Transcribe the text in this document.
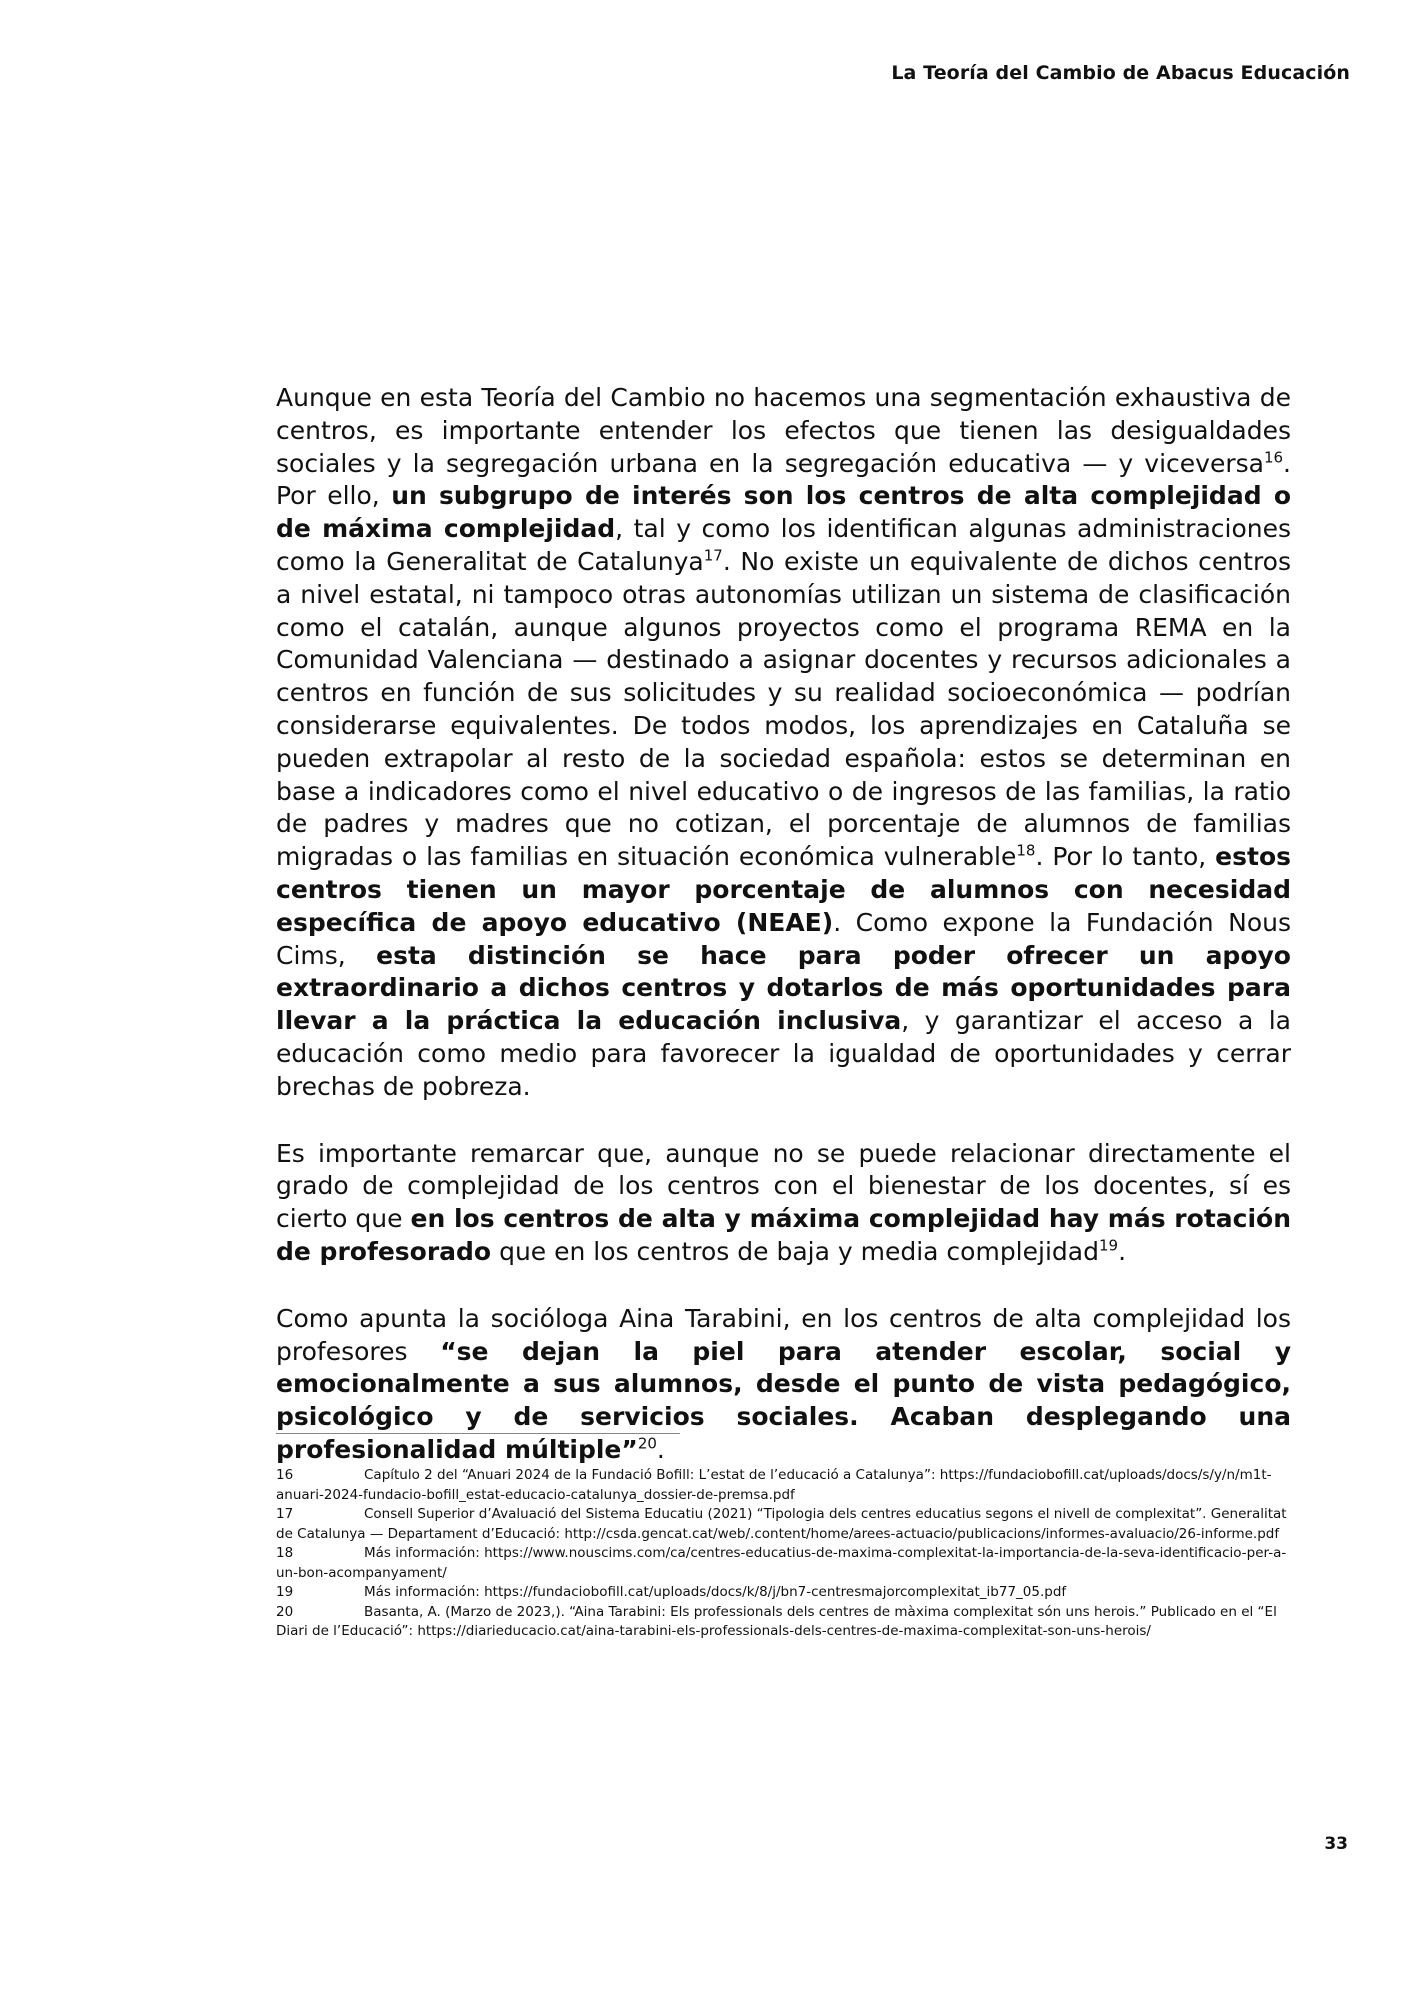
La Teoría del Cambio de Abacus Educación

Aunque en esta Teoría del Cambio no hacemos una segmentación exhaustiva de centros, es importante entender los efectos que tienen las desigualdades sociales y la segregación urbana en la segregación educativa — y viceversa$^{16}$. Por ello, un subgrupo de interés son los centros de alta complejidad o de máxima complejidad, tal y como los identifican algunas administraciones como la Generalitat de Catalunya$^{17}$. No existe un equivalente de dichos centros a nivel estatal, ni tampoco otras autonomías utilizan un sistema de clasificación como el catalán, aunque algunos proyectos como el programa REMA en la Comunidad Valenciana — destinado a asignar docentes y recursos adicionales a centros en función de sus solicitudes y su realidad socioeconómica — podrían considerarse equivalentes. De todos modos, los aprendizajes en Cataluña se pueden extrapolar al resto de la sociedad española: estos se determinan en base a indicadores como el nivel educativo o de ingresos de las familias, la ratio de padres y madres que no cotizan, el porcentaje de alumnos de familias migradas o las familias en situación económica vulnerable$^{18}$. Por lo tanto, estos centros tienen un mayor porcentaje de alumnos con necesidad específica de apoyo educativo (NEAE). Como expone la Fundación Nous Cims, esta distinción se hace para poder ofrecer un apoyo extraordinario a dichos centros y dotarlos de más oportunidades para llevar a la práctica la educación inclusiva, y garantizar el acceso a la educación como medio para favorecer la igualdad de oportunidades y cerrar brechas de pobreza.

Es importante remarcar que, aunque no se puede relacionar directamente el grado de complejidad de los centros con el bienestar de los docentes, sí es cierto que en los centros de alta y máxima complejidad hay más rotación de profesorado que en los centros de baja y media complejidad$^{19}$.

Como apunta la socióloga Aina Tarabini, en los centros de alta complejidad los profesores “se dejan la piel para atender escolar, social y emocionalmente a sus alumnos, desde el punto de vista pedagógico, psicológico y de servicios sociales. Acaban desplegando una profesionalidad múltiple”$^{20}$.

16	Capítulo 2 del “Anuari 2024 de la Fundació Bofill: L’estat de l’educació a Catalunya”: https://fundaciobofill.cat/uploads/docs/s/y/n/m1t-anuari-2024-fundacio-bofill_estat-educacio-catalunya_dossier-de-premsa.pdf

17	Consell Superior d’Avaluació del Sistema Educatiu (2021) “Tipologia dels centres educatius segons el nivell de complexitat”. Generalitat de Catalunya — Departament d’Educació: http://csda.gencat.cat/web/.content/home/arees-actuacio/publicacions/informes-avaluacio/26-informe.pdf

18	Más información: https://www.nouscims.com/ca/centres-educatius-de-maxima-complexitat-la-importancia-de-la-seva-identificacio-per-a-un-bon-acompanyament/

19	Más información: https://fundaciobofill.cat/uploads/docs/k/8/j/bn7-centresmajorcomplexitat_ib77_05.pdf

20	Basanta, A. (Marzo de 2023,). “Aina Tarabini: Els professionals dels centres de màxima complexitat són uns herois.” Publicado en el “El Diari de l’Educació”: https://diarieducacio.cat/aina-tarabini-els-professionals-dels-centres-de-maxima-complexitat-son-uns-herois/

33
